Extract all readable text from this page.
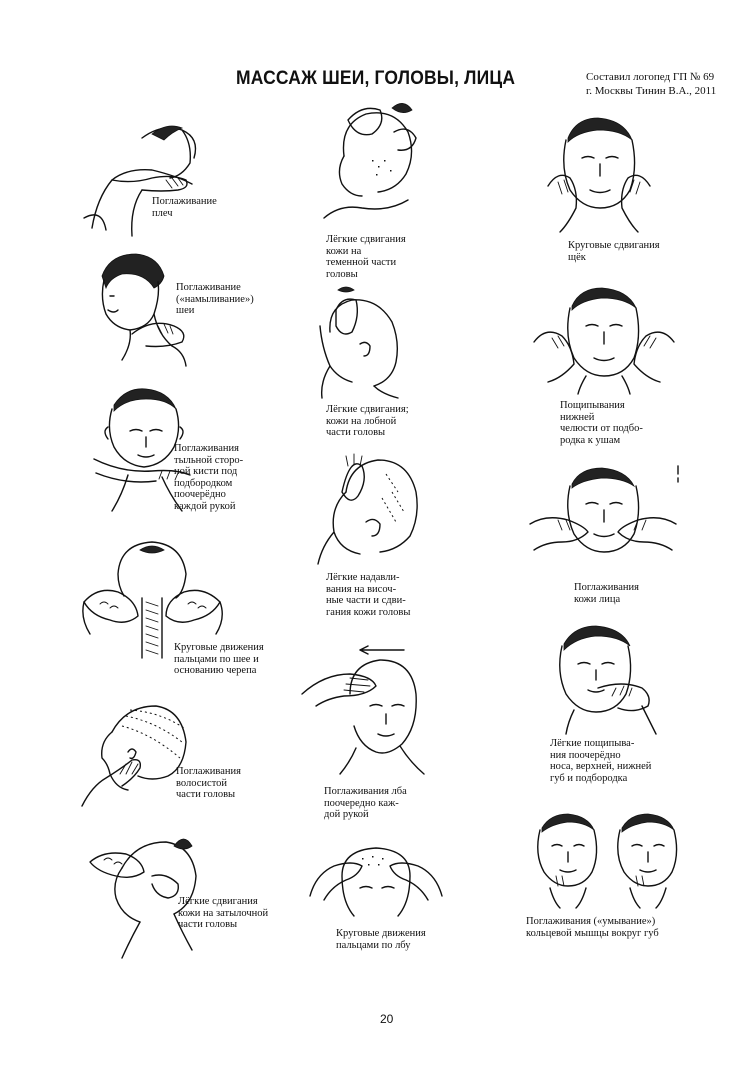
МАССАЖ ШЕИ, ГОЛОВЫ, ЛИЦА	Составил логопед ГП № 69
г. Москвы Тинин В.А., 2011
Поглаживание
плеч
Поглаживание
(«намыливание»)
шеи
Поглаживания
тыльной сторо-
ной кисти под
подбородком
поочерёдно
каждой рукой
Круговые движения
пальцами по шее и
основанию черепа
Поглаживания
волосистой
части головы
Лёгкие сдвигания
кожи на затылочной
части головы
Лёгкие сдвигания
кожи на
теменной части
головы
Лёгкие сдвигания;
кожи на лобной
части головы
Лёгкие надавли-
вания на височ-
ные части и сдви-
гания кожи головы
Поглаживания лба
поочередно каж-
дой рукой
Круговые движения
пальцами по лбу
Круговые сдвигания
щёк
Пощипывания
нижней
челюсти от подбо-
родка к ушам
Поглаживания
кожи лица
Лёгкие пощипыва-
ния поочерёдно
носа, верхней, нижней
губ и подбородка
Поглаживания («умывание»)
кольцевой мышцы вокруг губ
20
